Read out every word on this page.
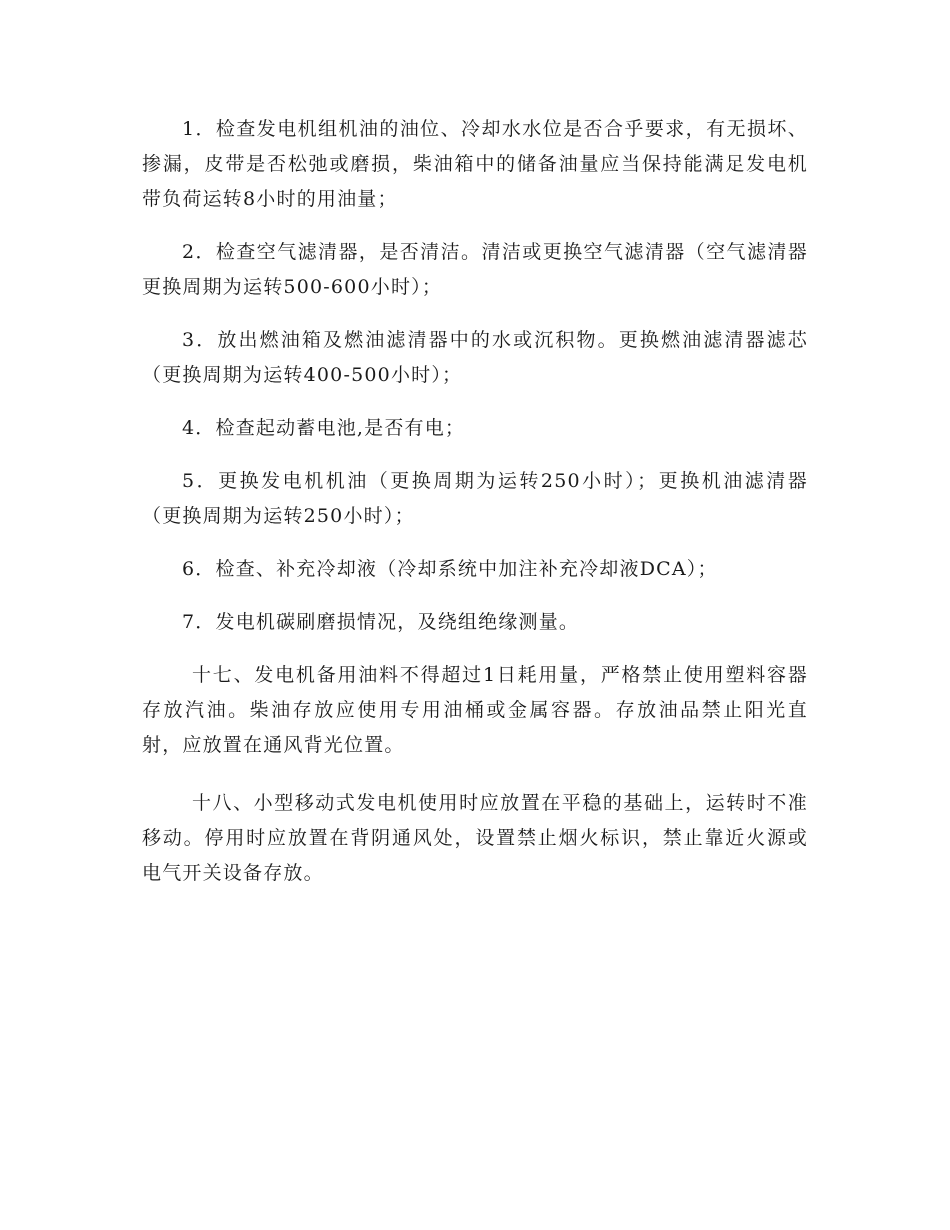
1．检查发电机组机油的油位、冷却水水位是否合乎要求，有无损坏、掺漏，皮带是否松弛或磨损，柴油箱中的储备油量应当保持能满足发电机带负荷运转8小时的用油量；

2．检查空气滤清器，是否清洁。清洁或更换空气滤清器（空气滤清器更换周期为运转500-600小时）；

3．放出燃油箱及燃油滤清器中的水或沉积物。更换燃油滤清器滤芯（更换周期为运转400-500小时）；

4．检查起动蓄电池,是否有电；

5．更换发电机机油（更换周期为运转250小时）；更换机油滤清器（更换周期为运转250小时）；

6．检查、补充冷却液（冷却系统中加注补充冷却液DCA）；

7．发电机碳刷磨损情况，及绕组绝缘测量。

十七、发电机备用油料不得超过1日耗用量，严格禁止使用塑料容器存放汽油。柴油存放应使用专用油桶或金属容器。存放油品禁止阳光直射，应放置在通风背光位置。

十八、小型移动式发电机使用时应放置在平稳的基础上，运转时不准移动。停用时应放置在背阴通风处，设置禁止烟火标识，禁止靠近火源或电气开关设备存放。
